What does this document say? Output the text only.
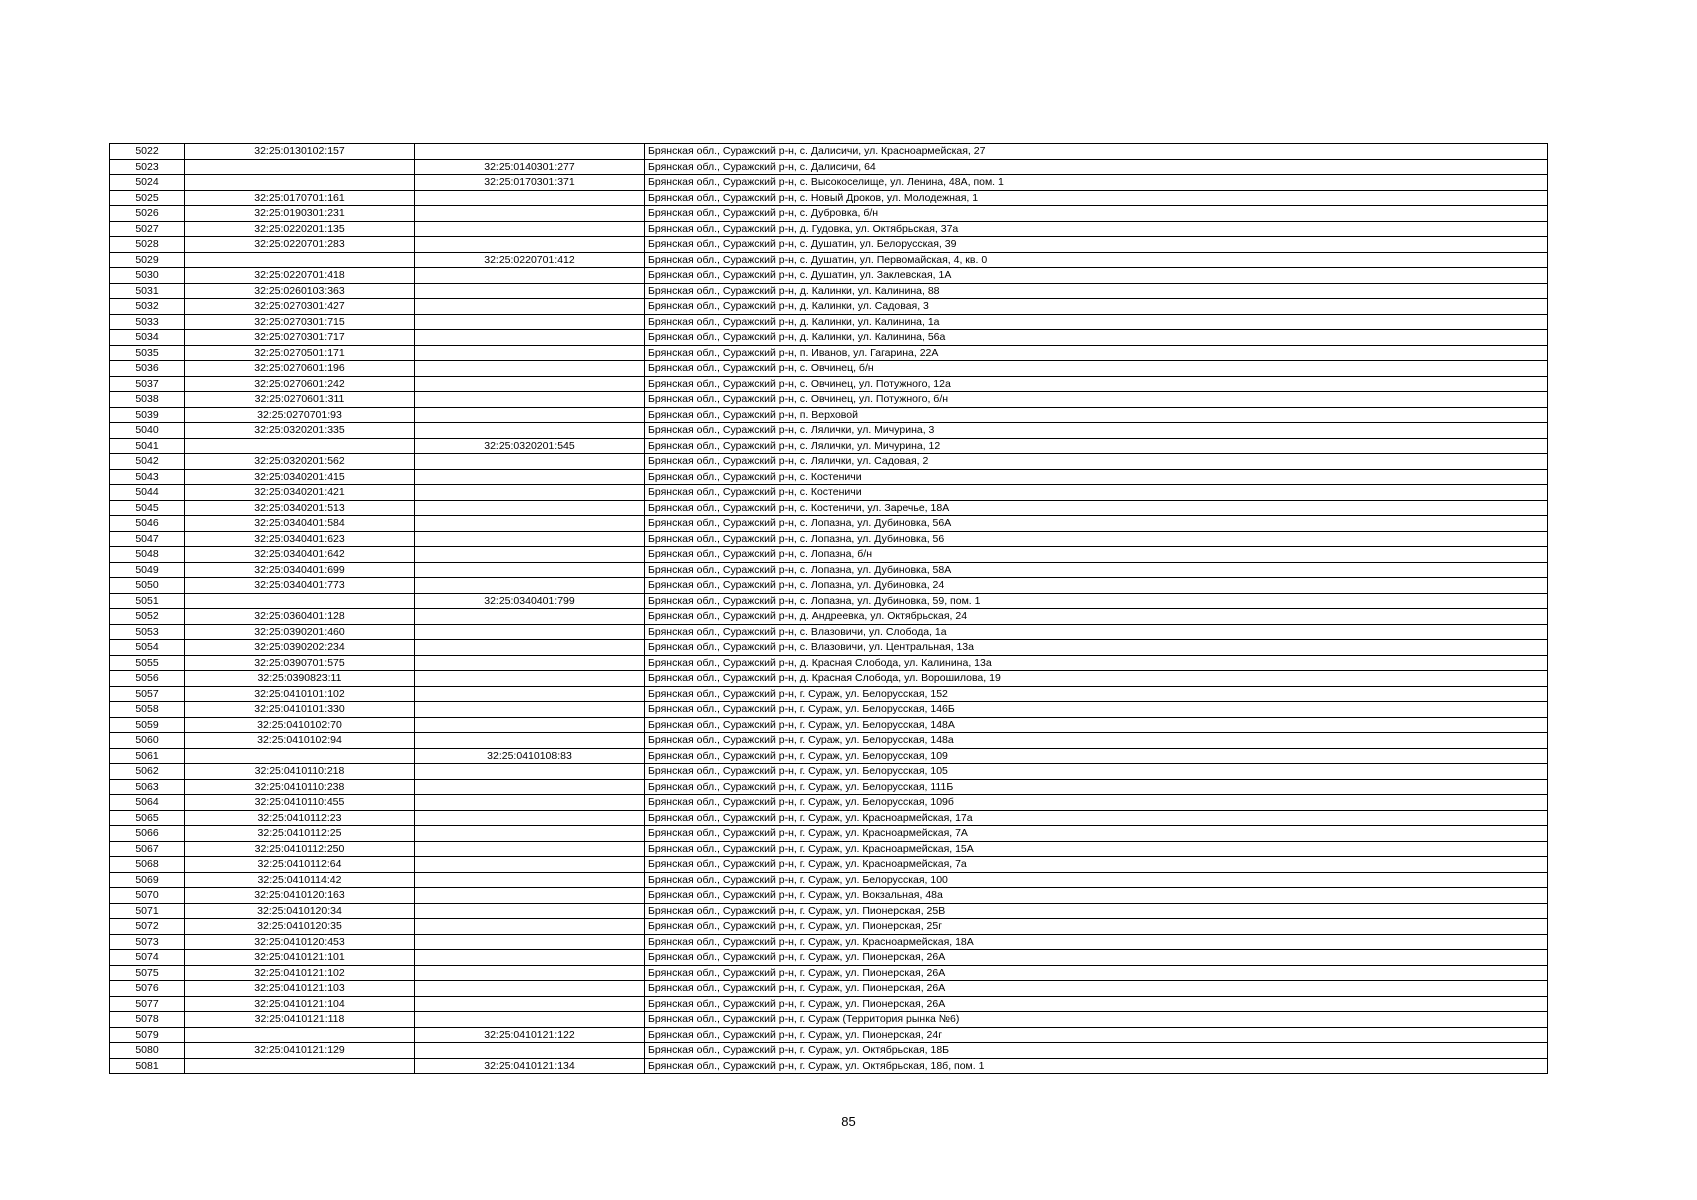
5022	32:25:0130102:157		Брянская обл., Суражский р-н, с. Далисичи, ул. Красноармейская, 27
5023		32:25:0140301:277	Брянская обл., Суражский р-н, с. Далисичи, 64
5024		32:25:0170301:371	Брянская обл., Суражский р-н, с. Высокоселище, ул. Ленина, 48А, пом. 1
5025	32:25:0170701:161		Брянская обл., Суражский р-н, с. Новый Дроков, ул. Молодежная, 1
5026	32:25:0190301:231		Брянская обл., Суражский р-н, с. Дубровка, б/н
5027	32:25:0220201:135		Брянская обл., Суражский р-н, д. Гудовка, ул. Октябрьская, 37а
5028	32:25:0220701:283		Брянская обл., Суражский р-н, с. Душатин, ул. Белорусская, 39
5029		32:25:0220701:412	Брянская обл., Суражский р-н, с. Душатин, ул. Первомайская, 4, кв. 0
5030	32:25:0220701:418		Брянская обл., Суражский р-н, с. Душатин, ул. Заклевская, 1А
5031	32:25:0260103:363		Брянская обл., Суражский р-н, д. Калинки, ул. Калинина, 88
5032	32:25:0270301:427		Брянская обл., Суражский р-н, д. Калинки, ул. Садовая, 3
5033	32:25:0270301:715		Брянская обл., Суражский р-н, д. Калинки, ул. Калинина, 1а
5034	32:25:0270301:717		Брянская обл., Суражский р-н, д. Калинки, ул. Калинина, 56а
5035	32:25:0270501:171		Брянская обл., Суражский р-н, п. Иванов, ул. Гагарина, 22А
5036	32:25:0270601:196		Брянская обл., Суражский р-н, с. Овчинец, б/н
5037	32:25:0270601:242		Брянская обл., Суражский р-н, с. Овчинец, ул. Потужного, 12а
5038	32:25:0270601:311		Брянская обл., Суражский р-н, с. Овчинец, ул. Потужного, б/н
5039	32:25:0270701:93		Брянская обл., Суражский р-н, п. Верховой
5040	32:25:0320201:335		Брянская обл., Суражский р-н, с. Лялички, ул. Мичурина, 3
5041		32:25:0320201:545	Брянская обл., Суражский р-н, с. Лялички, ул. Мичурина, 12
5042	32:25:0320201:562		Брянская обл., Суражский р-н, с. Лялички, ул. Садовая, 2
5043	32:25:0340201:415		Брянская обл., Суражский р-н, с. Костеничи
5044	32:25:0340201:421		Брянская обл., Суражский р-н, с. Костеничи
5045	32:25:0340201:513		Брянская обл., Суражский р-н, с. Костеничи, ул. Заречье, 18А
5046	32:25:0340401:584		Брянская обл., Суражский р-н, с. Лопазна, ул. Дубиновка, 56А
5047	32:25:0340401:623		Брянская обл., Суражский р-н, с. Лопазна, ул. Дубиновка, 56
5048	32:25:0340401:642		Брянская обл., Суражский р-н, с. Лопазна, б/н
5049	32:25:0340401:699		Брянская обл., Суражский р-н, с. Лопазна, ул. Дубиновка, 58А
5050	32:25:0340401:773		Брянская обл., Суражский р-н, с. Лопазна, ул. Дубиновка, 24
5051		32:25:0340401:799	Брянская обл., Суражский р-н, с. Лопазна, ул. Дубиновка, 59, пом. 1
5052	32:25:0360401:128		Брянская обл., Суражский р-н, д. Андреевка, ул. Октябрьская, 24
5053	32:25:0390201:460		Брянская обл., Суражский р-н, с. Влазовичи, ул. Слобода, 1а
5054	32:25:0390202:234		Брянская обл., Суражский р-н, с. Влазовичи, ул. Центральная, 13а
5055	32:25:0390701:575		Брянская обл., Суражский р-н, д. Красная Слобода, ул. Калинина, 13а
5056	32:25:0390823:11		Брянская обл., Суражский р-н, д. Красная Слобода, ул. Ворошилова, 19
5057	32:25:0410101:102		Брянская обл., Суражский р-н, г. Сураж, ул. Белорусская, 152
5058	32:25:0410101:330		Брянская обл., Суражский р-н, г. Сураж, ул. Белорусская, 146Б
5059	32:25:0410102:70		Брянская обл., Суражский р-н, г. Сураж, ул. Белорусская, 148А
5060	32:25:0410102:94		Брянская обл., Суражский р-н, г. Сураж, ул. Белорусская, 148а
5061		32:25:0410108:83	Брянская обл., Суражский р-н, г. Сураж, ул. Белорусская, 109
5062	32:25:0410110:218		Брянская обл., Суражский р-н, г. Сураж, ул. Белорусская, 105
5063	32:25:0410110:238		Брянская обл., Суражский р-н, г. Сураж, ул. Белорусская, 111Б
5064	32:25:0410110:455		Брянская обл., Суражский р-н, г. Сураж, ул. Белорусская, 109б
5065	32:25:0410112:23		Брянская обл., Суражский р-н, г. Сураж, ул. Красноармейская, 17а
5066	32:25:0410112:25		Брянская обл., Суражский р-н, г. Сураж, ул. Красноармейская, 7А
5067	32:25:0410112:250		Брянская обл., Суражский р-н, г. Сураж, ул. Красноармейская, 15А
5068	32:25:0410112:64		Брянская обл., Суражский р-н, г. Сураж, ул. Красноармейская, 7а
5069	32:25:0410114:42		Брянская обл., Суражский р-н, г. Сураж, ул. Белорусская, 100
5070	32:25:0410120:163		Брянская обл., Суражский р-н, г. Сураж, ул. Вокзальная, 48а
5071	32:25:0410120:34		Брянская обл., Суражский р-н, г. Сураж, ул. Пионерская, 25В
5072	32:25:0410120:35		Брянская обл., Суражский р-н, г. Сураж, ул. Пионерская, 25г
5073	32:25:0410120:453		Брянская обл., Суражский р-н, г. Сураж, ул. Красноармейская, 18А
5074	32:25:0410121:101		Брянская обл., Суражский р-н, г. Сураж, ул. Пионерская, 26А
5075	32:25:0410121:102		Брянская обл., Суражский р-н, г. Сураж, ул. Пионерская, 26А
5076	32:25:0410121:103		Брянская обл., Суражский р-н, г. Сураж, ул. Пионерская, 26А
5077	32:25:0410121:104		Брянская обл., Суражский р-н, г. Сураж, ул. Пионерская, 26А
5078	32:25:0410121:118		Брянская обл., Суражский р-н, г. Сураж (Территория рынка №6)
5079		32:25:0410121:122	Брянская обл., Суражский р-н, г. Сураж, ул. Пионерская, 24г
5080	32:25:0410121:129		Брянская обл., Суражский р-н, г. Сураж, ул. Октябрьская, 18Б
5081		32:25:0410121:134	Брянская обл., Суражский р-н, г. Сураж, ул. Октябрьская, 18б, пом. 1
85
